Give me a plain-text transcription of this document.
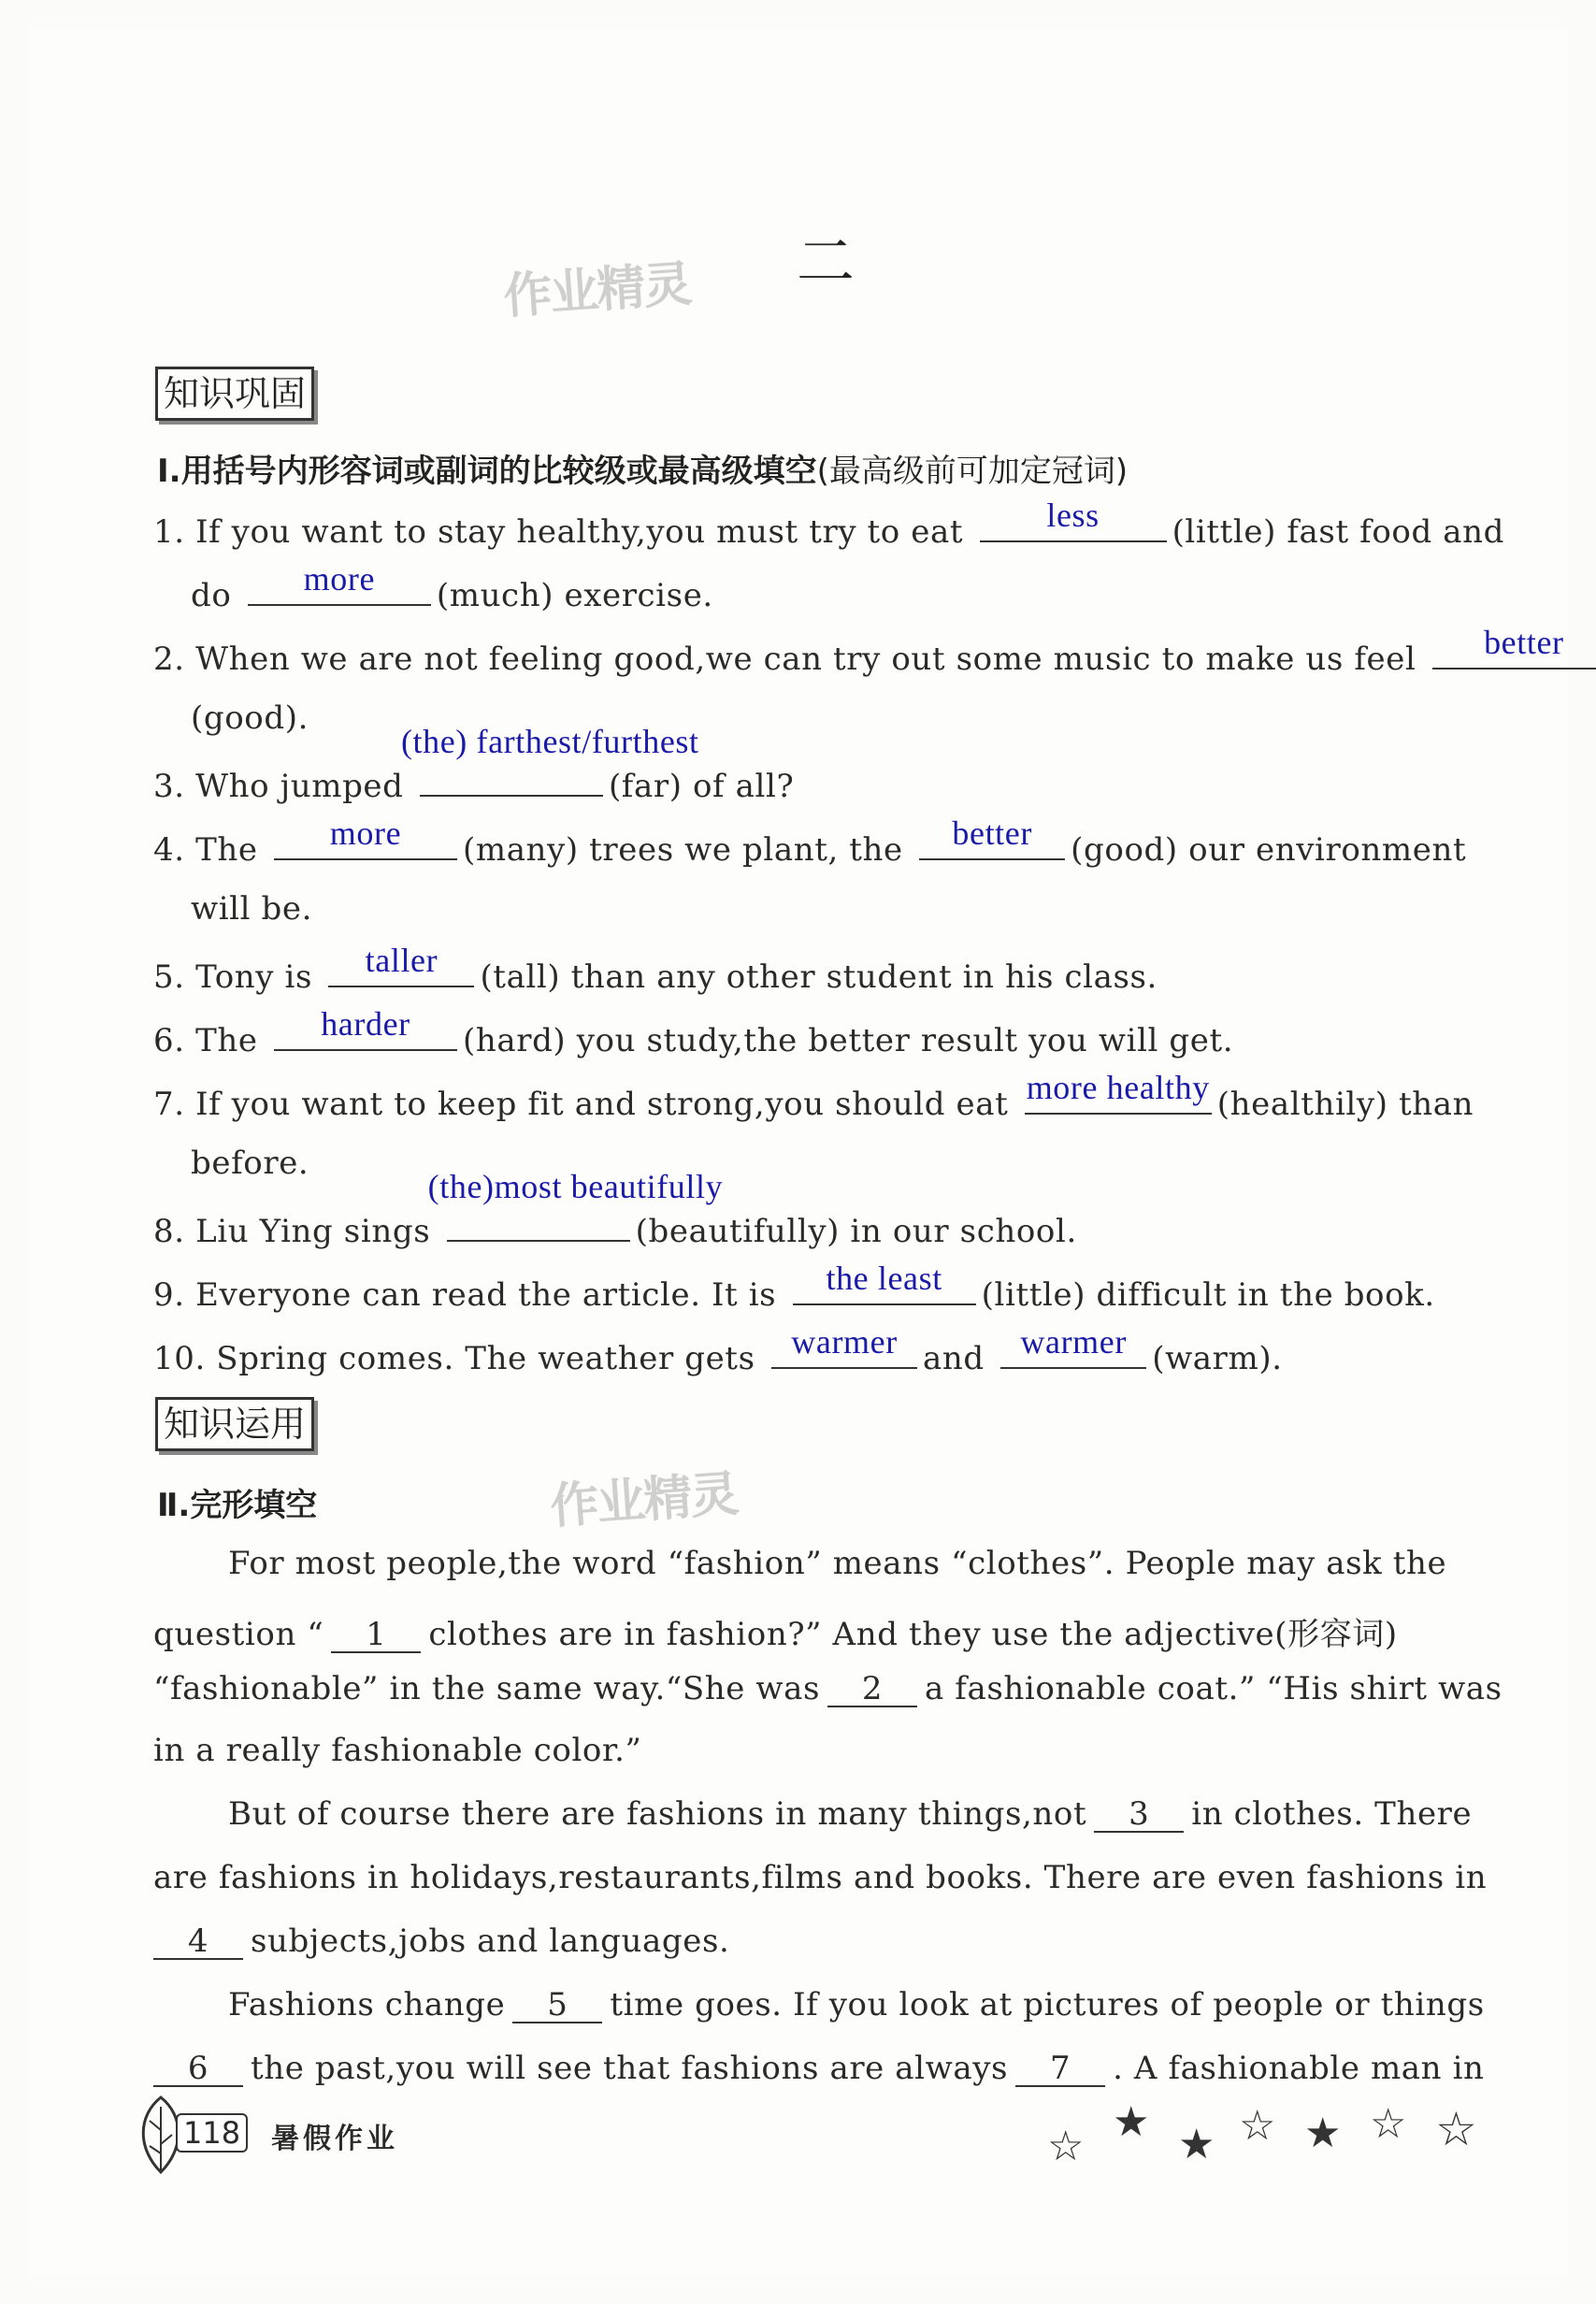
作业精灵
作业精灵
二
知识巩固
Ⅰ.用括号内形容词或副词的比较级或最高级填空(最高级前可加定冠词)
1. If you want to stay healthy,you must try to eat	less	(little) fast food and
do	more	(much) exercise.
2. When we are not feeling good,we can try out some music to make us feel	better
(good).
3. Who jumped
(the) farthest/furthest
(far) of all?
4. The	more	(many) trees we plant, the	better	(good) our environment
will be.
5. Tony is	taller	(tall) than any other student in his class.
6. The	harder	(hard) you study,the better result you will get.
7. If you want to keep fit and strong,you should eat more healthy (healthily) than
before.
8. Liu Ying sings
(the)most beautifully
(beautifully) in our school.
9. Everyone can read the article. It is	the least	(little) difficult in the book.
10. Spring comes. The weather gets	warmer and	warmer (warm).
知识运用
Ⅱ.完形填空
For most people,the word “fashion” means “clothes”. People may ask the
question “ 1 clothes are in fashion?” And they use the adjective(形容词)
“fashionable” in the same way.“She was 2 a fashionable coat.” “His shirt was
in a really fashionable color.”
But of course there are fashions in many things,not 3 in clothes. There
are fashions in holidays,restaurants,films and books. There are even fashions in
4 subjects,jobs and languages.
Fashions change 5 time goes. If you look at pictures of people or things
6 the past,you will see that fashions are always 7 . A fashionable man in
118 暑假作业	☆
★ ★ ☆ ★ ☆ ☆
